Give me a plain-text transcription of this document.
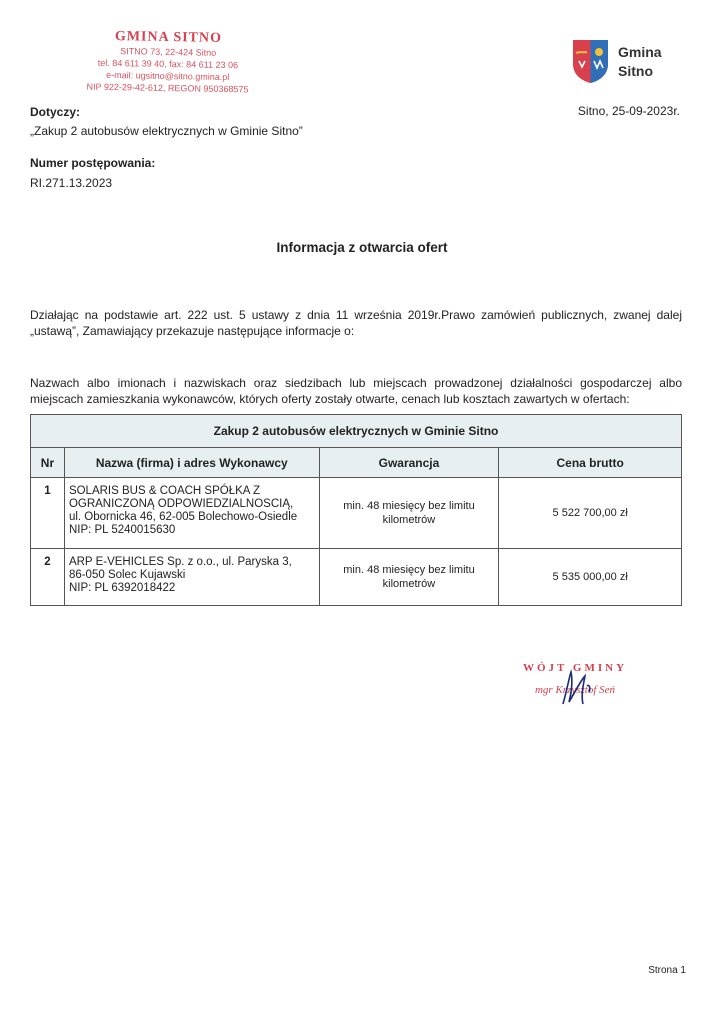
GMINA SITNO
SITNO 73, 22-424 Sitno
tel. 84 611 39 40, fax: 84 611 23 06
e-mail: ugsitno@sitno.gmina.pl
NIP 922-29-42-612, REGON 950368575
Gmina
Sitno
Sitno, 25-09-2023r.
Dotyczy:
„Zakup 2 autobusów elektrycznych w Gminie Sitno”
Numer postępowania:
RI.271.13.2023
Informacja z otwarcia ofert
Działając na podstawie art. 222 ust. 5 ustawy z dnia 11 września 2019r.Prawo zamówień publicznych, zwanej dalej „ustawą”, Zamawiający przekazuje następujące informacje o:
Nazwach albo imionach i nazwiskach oraz siedzibach lub miejscach prowadzonej działalności gospodarczej albo miejscach zamieszkania wykonawców, których oferty zostały otwarte, cenach lub kosztach zawartych w ofertach:
Zakup 2 autobusów elektrycznych w Gminie Sitno			
Nr	Nazwa (firma) i adres Wykonawcy	Gwarancja	Cena brutto
1	SOLARIS BUS & COACH SPÓŁKA Z
OGRANICZONĄ ODPOWIEDZIALNOSCIĄ,
ul. Obornicka 46, 62-005 Bolechowo-Osiedle
NIP: PL 5240015630	min. 48 miesięcy bez limitu kilometrów	5 522 700,00 zł
2	ARP E-VEHICLES Sp. z o.o., ul. Paryska 3,
86-050 Solec Kujawski
NIP: PL 6392018422	min. 48 miesięcy bez limitu kilometrów	5 535 000,00 zł
WÓJT GMINY
mgr Krzysztof Seń
Strona 1
